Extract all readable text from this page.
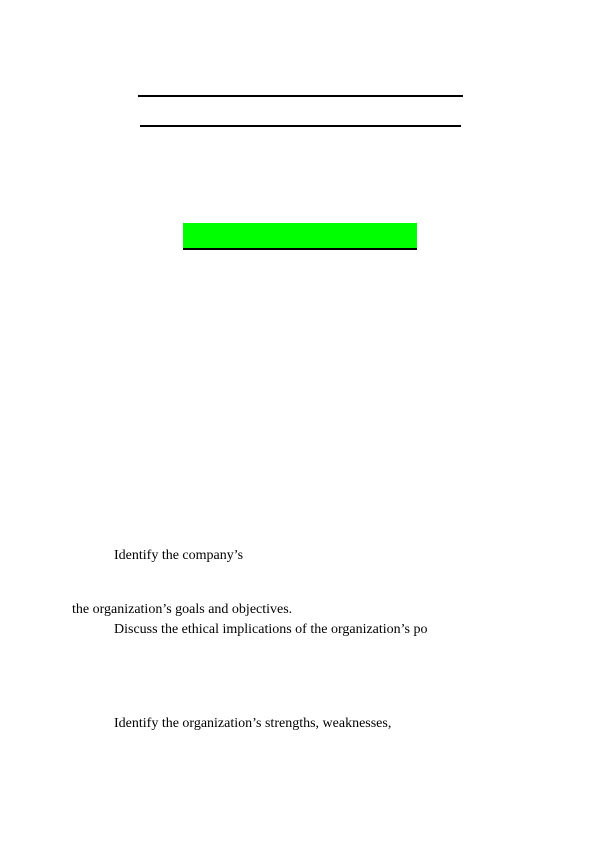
Identify the company’s
the organization’s goals and objectives.
Discuss the ethical implications of the organization’s po
Identify the organization’s strengths, weaknesses,
